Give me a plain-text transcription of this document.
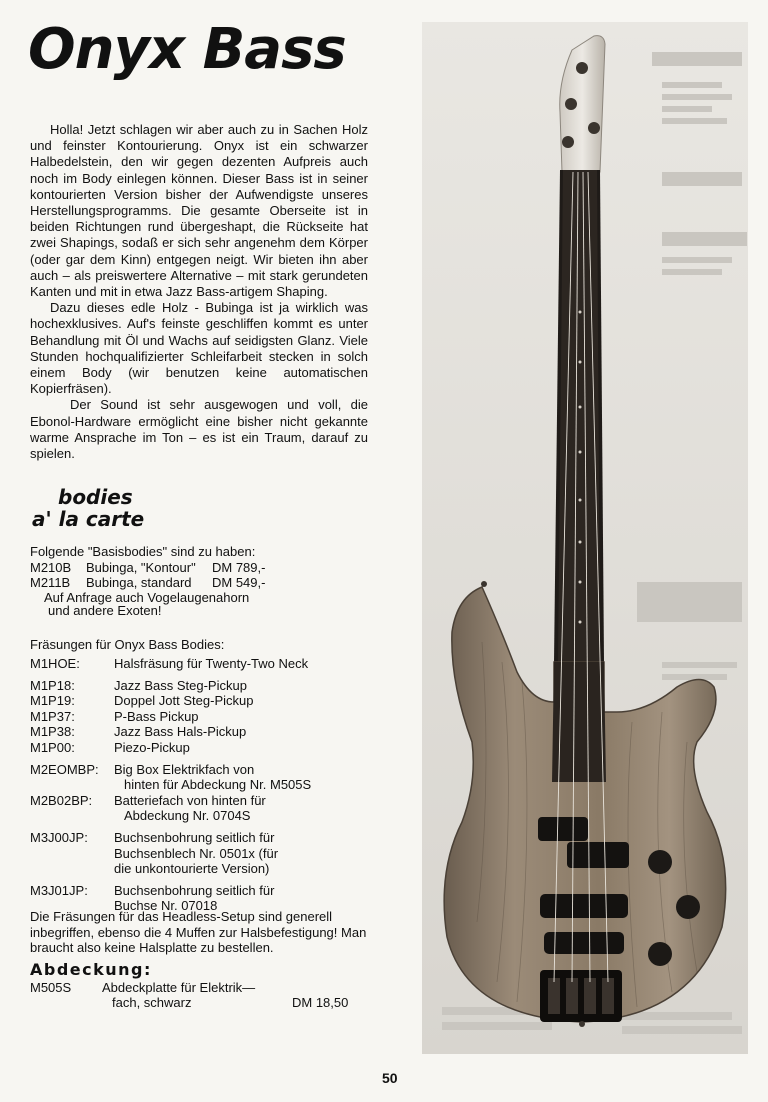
Onyx Bass

Holla! Jetzt schlagen wir aber auch zu in Sachen Holz und feinster Kontourierung. Onyx ist ein schwarzer Halbedelstein, den wir gegen dezenten Aufpreis auch noch im Body einlegen können. Dieser Bass ist in seiner kontourierten Version bisher der Aufwendigste unseres Herstellungsprogramms. Die gesamte Oberseite ist in beiden Richtungen rund übergeshapt, die Rückseite hat zwei Shapings, sodaß er sich sehr angenehm dem Körper (oder gar dem Kinn) entgegen neigt. Wir bieten ihn aber auch – als preiswertere Alternative – mit stark gerundeten Kanten und mit in etwa Jazz Bass-artigem Shaping.

Dazu dieses edle Holz - Bubinga ist ja wirklich was hochexklusives. Auf's feinste geschliffen kommt es unter Behandlung mit Öl und Wachs auf seidigsten Glanz. Viele Stunden hochqualifizierter Schleifarbeit stecken in solch einem Body (wir benutzen keine automatischen Kopierfräsen).

Der Sound ist sehr ausgewogen und voll, die Ebonol-Hardware ermöglicht eine bisher nicht gekannte warme Ansprache im Ton – es ist ein Traum, darauf zu spielen.

bodies
a' la carte
Folgende "Basisbodies" sind zu haben:
M210B	Bubinga, "Kontour"	DM 789,-
M211B	Bubinga, standard	DM 549,-
Auf Anfrage auch Vogelaugenahorn
und andere Exoten!

Fräsungen für Onyx Bass Bodies:

M1HOE:	Halsfräsung für Twenty-Two Neck
M1P18:	Jazz Bass Steg-Pickup
M1P19:	Doppel Jott Steg-Pickup
M1P37:	P-Bass Pickup
M1P38:	Jazz Bass Hals-Pickup
M1P00:	Piezo-Pickup
M2EOMBP:	Big Box Elektrikfach von
hinten für Abdeckung Nr. M505S
M2B02BP:	Batteriefach von hinten für
Abdeckung Nr. 0704S
M3J00JP:	Buchsenbohrung seitlich für
Buchsenblech Nr. 0501x (für
die unkontourierte Version)
M3J01JP:	Buchsenbohrung seitlich für
Buchse Nr. 07018

Die Fräsungen für das Headless-Setup sind generell inbegriffen, ebenso die 4 Muffen zur Halsbefestigung! Man braucht also keine Halsplatte zu bestellen.

Abdeckung:
M505S Abdeckplatte für Elektrik—
fach, schwarz	DM 18,50
50
